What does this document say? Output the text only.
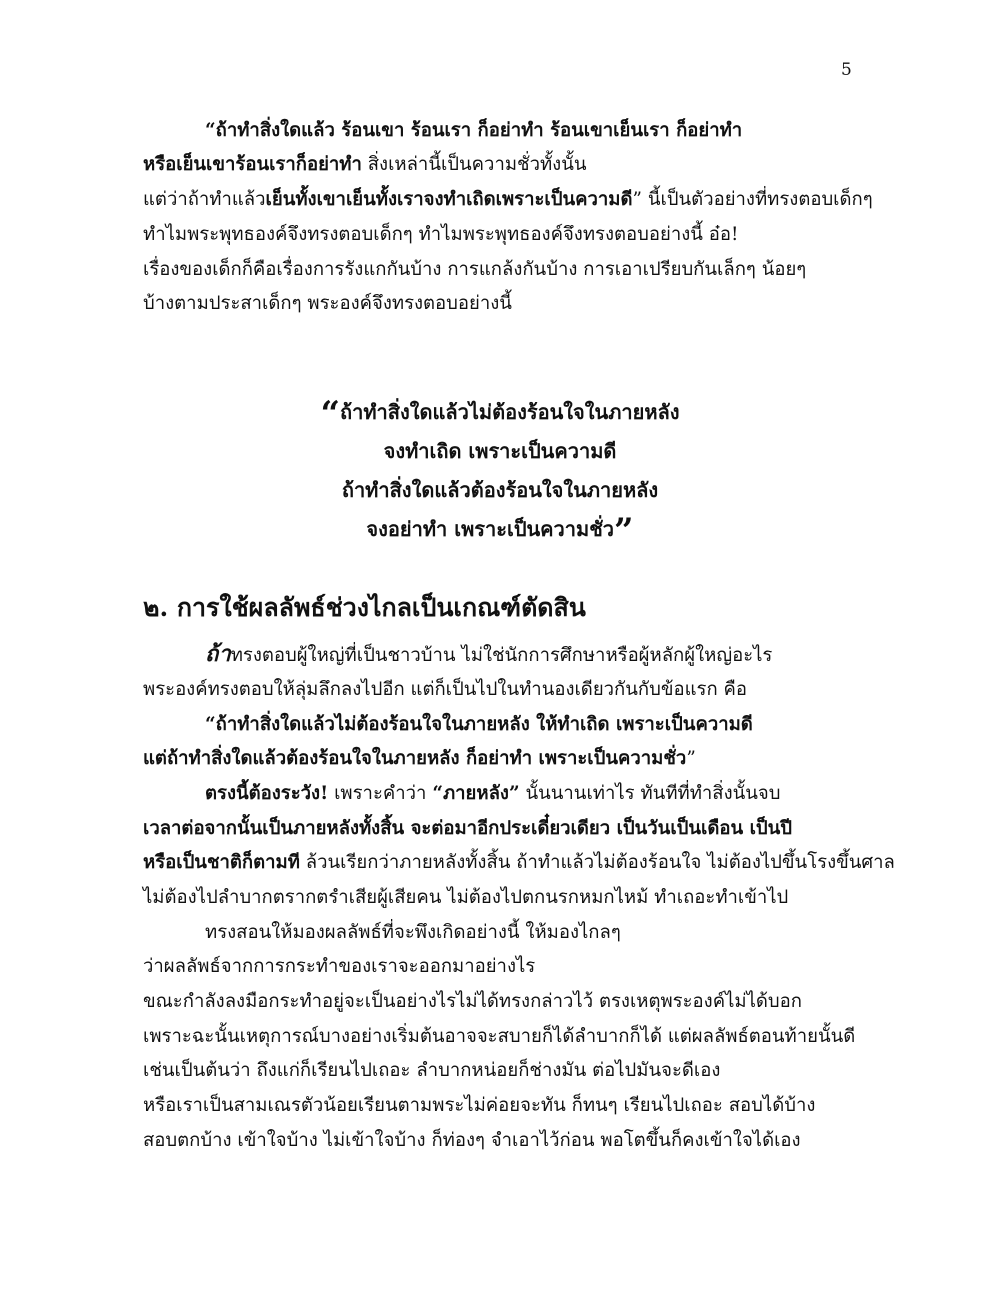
5
“ถ้าทำสิ่งใดแล้ว ร้อนเขา ร้อนเรา ก็อย่าทำ ร้อนเขาเย็นเรา ก็อย่าทำ
หรือเย็นเขาร้อนเราก็อย่าทำ สิ่งเหล่านี้เป็นความชั่วทั้งนั้น
แต่ว่าถ้าทำแล้วเย็นทั้งเขาเย็นทั้งเราจงทำเถิดเพราะเป็นความดี” นี้เป็นตัวอย่างที่ทรงตอบเด็กๆ
ทำไมพระพุทธองค์จึงทรงตอบเด็กๆ ทำไมพระพุทธองค์จึงทรงตอบอย่างนี้ อ๋อ!
เรื่องของเด็กก็คือเรื่องการรังแกกันบ้าง การแกล้งกันบ้าง การเอาเปรียบกันเล็กๆ น้อยๆ
บ้างตามประสาเด็กๆ พระองค์จึงทรงตอบอย่างนี้
“ถ้าทำสิ่งใดแล้วไม่ต้องร้อนใจในภายหลัง
จงทำเถิด เพราะเป็นความดี
ถ้าทำสิ่งใดแล้วต้องร้อนใจในภายหลัง
จงอย่าทำ เพราะเป็นความชั่ว”
๒. การใช้ผลลัพธ์ช่วงไกลเป็นเกณฑ์ตัดสิน
ถ้าทรงตอบผู้ใหญ่ที่เป็นชาวบ้าน ไม่ใช่นักการศึกษาหรือผู้หลักผู้ใหญ่อะไร
พระองค์ทรงตอบให้ลุ่มลึกลงไปอีก แต่ก็เป็นไปในทำนองเดียวกันกับข้อแรก คือ
“ถ้าทำสิ่งใดแล้วไม่ต้องร้อนใจในภายหลัง ให้ทำเถิด เพราะเป็นความดี
แต่ถ้าทำสิ่งใดแล้วต้องร้อนใจในภายหลัง ก็อย่าทำ เพราะเป็นความชั่ว”
ตรงนี้ต้องระวัง! เพราะคำว่า “ภายหลัง” นั้นนานเท่าไร ทันทีที่ทำสิ่งนั้นจบ
เวลาต่อจากนั้นเป็นภายหลังทั้งสิ้น จะต่อมาอีกประเดี๋ยวเดียว เป็นวันเป็นเดือน เป็นปี
หรือเป็นชาติก็ตามที ล้วนเรียกว่าภายหลังทั้งสิ้น ถ้าทำแล้วไม่ต้องร้อนใจ ไม่ต้องไปขึ้นโรงขึ้นศาล
ไม่ต้องไปลำบากตรากตรำเสียผู้เสียคน ไม่ต้องไปตกนรกหมกไหม้ ทำเถอะทำเข้าไป
ทรงสอนให้มองผลลัพธ์ที่จะพึงเกิดอย่างนี้ ให้มองไกลๆ
ว่าผลลัพธ์จากการกระทำของเราจะออกมาอย่างไร
ขณะกำลังลงมือกระทำอยู่จะเป็นอย่างไรไม่ได้ทรงกล่าวไว้ ตรงเหตุพระองค์ไม่ได้บอก
เพราะฉะนั้นเหตุการณ์บางอย่างเริ่มต้นอาจจะสบายก็ได้ลำบากก็ได้ แต่ผลลัพธ์ตอนท้ายนั้นดี
เช่นเป็นต้นว่า ถึงแก่ก็เรียนไปเถอะ ลำบากหน่อยก็ช่างมัน ต่อไปมันจะดีเอง
หรือเราเป็นสามเณรตัวน้อยเรียนตามพระไม่ค่อยจะทัน ก็ทนๆ เรียนไปเถอะ สอบได้บ้าง
สอบตกบ้าง เข้าใจบ้าง ไม่เข้าใจบ้าง ก็ท่องๆ จำเอาไว้ก่อน พอโตขึ้นก็คงเข้าใจได้เอง
